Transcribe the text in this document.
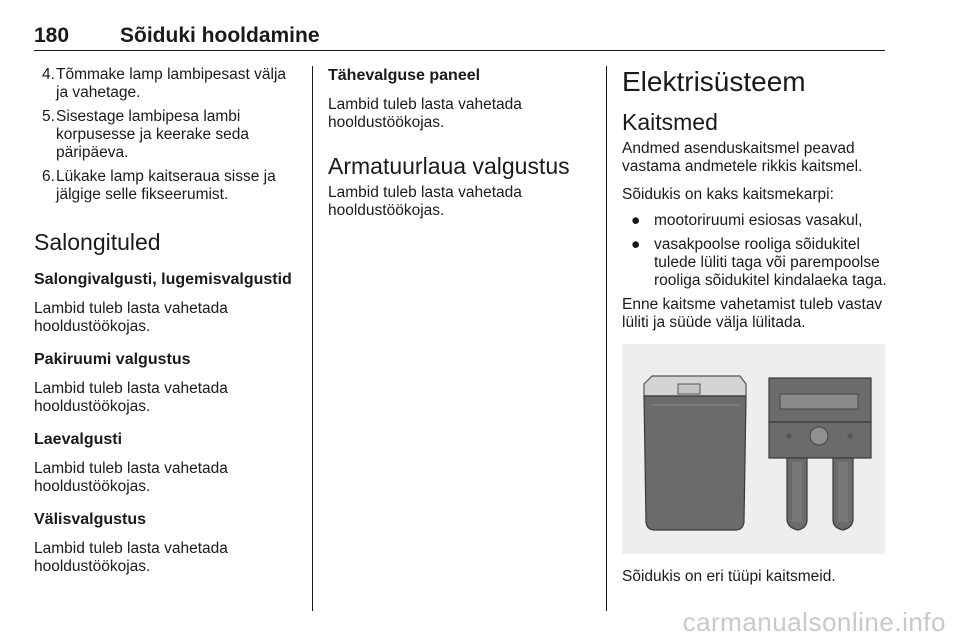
180 Sõiduki hooldamine
4. Tõmmake lamp lambipesast välja ja vahetage.
5. Sisestage lambipesa lambi korpusesse ja keerake seda päripäeva.
6. Lükake lamp kaitseraua sisse ja jälgige selle fikseerumist.
Salongituled
Salongivalgusti, lugemisvalgustid

Lambid tuleb lasta vahetada hooldustöökojas.

Pakiruumi valgustus

Lambid tuleb lasta vahetada hooldustöökojas.

Laevalgusti

Lambid tuleb lasta vahetada hooldustöökojas.

Välisvalgustus

Lambid tuleb lasta vahetada hooldustöökojas.

Tähevalguse paneel

Lambid tuleb lasta vahetada hooldustöökojas.

Armatuurlaua valgustus

Lambid tuleb lasta vahetada hooldustöökojas.

Elektrisüsteem
Kaitsmed

Andmed asenduskaitsmel peavad vastama andmetele rikkis kaitsmel.

Sõidukis on kaks kaitsmekarpi:

● mootoriruumi esiosas vasakul,
● vasakpoolse rooliga sõidukitel tulede lüliti taga või parempoolse rooliga sõidukitel kindalaeka taga.

Enne kaitsme vahetamist tuleb vastav lüliti ja süüde välja lülitada.

Sõidukis on eri tüüpi kaitsmeid.

carmanualsonline.info
